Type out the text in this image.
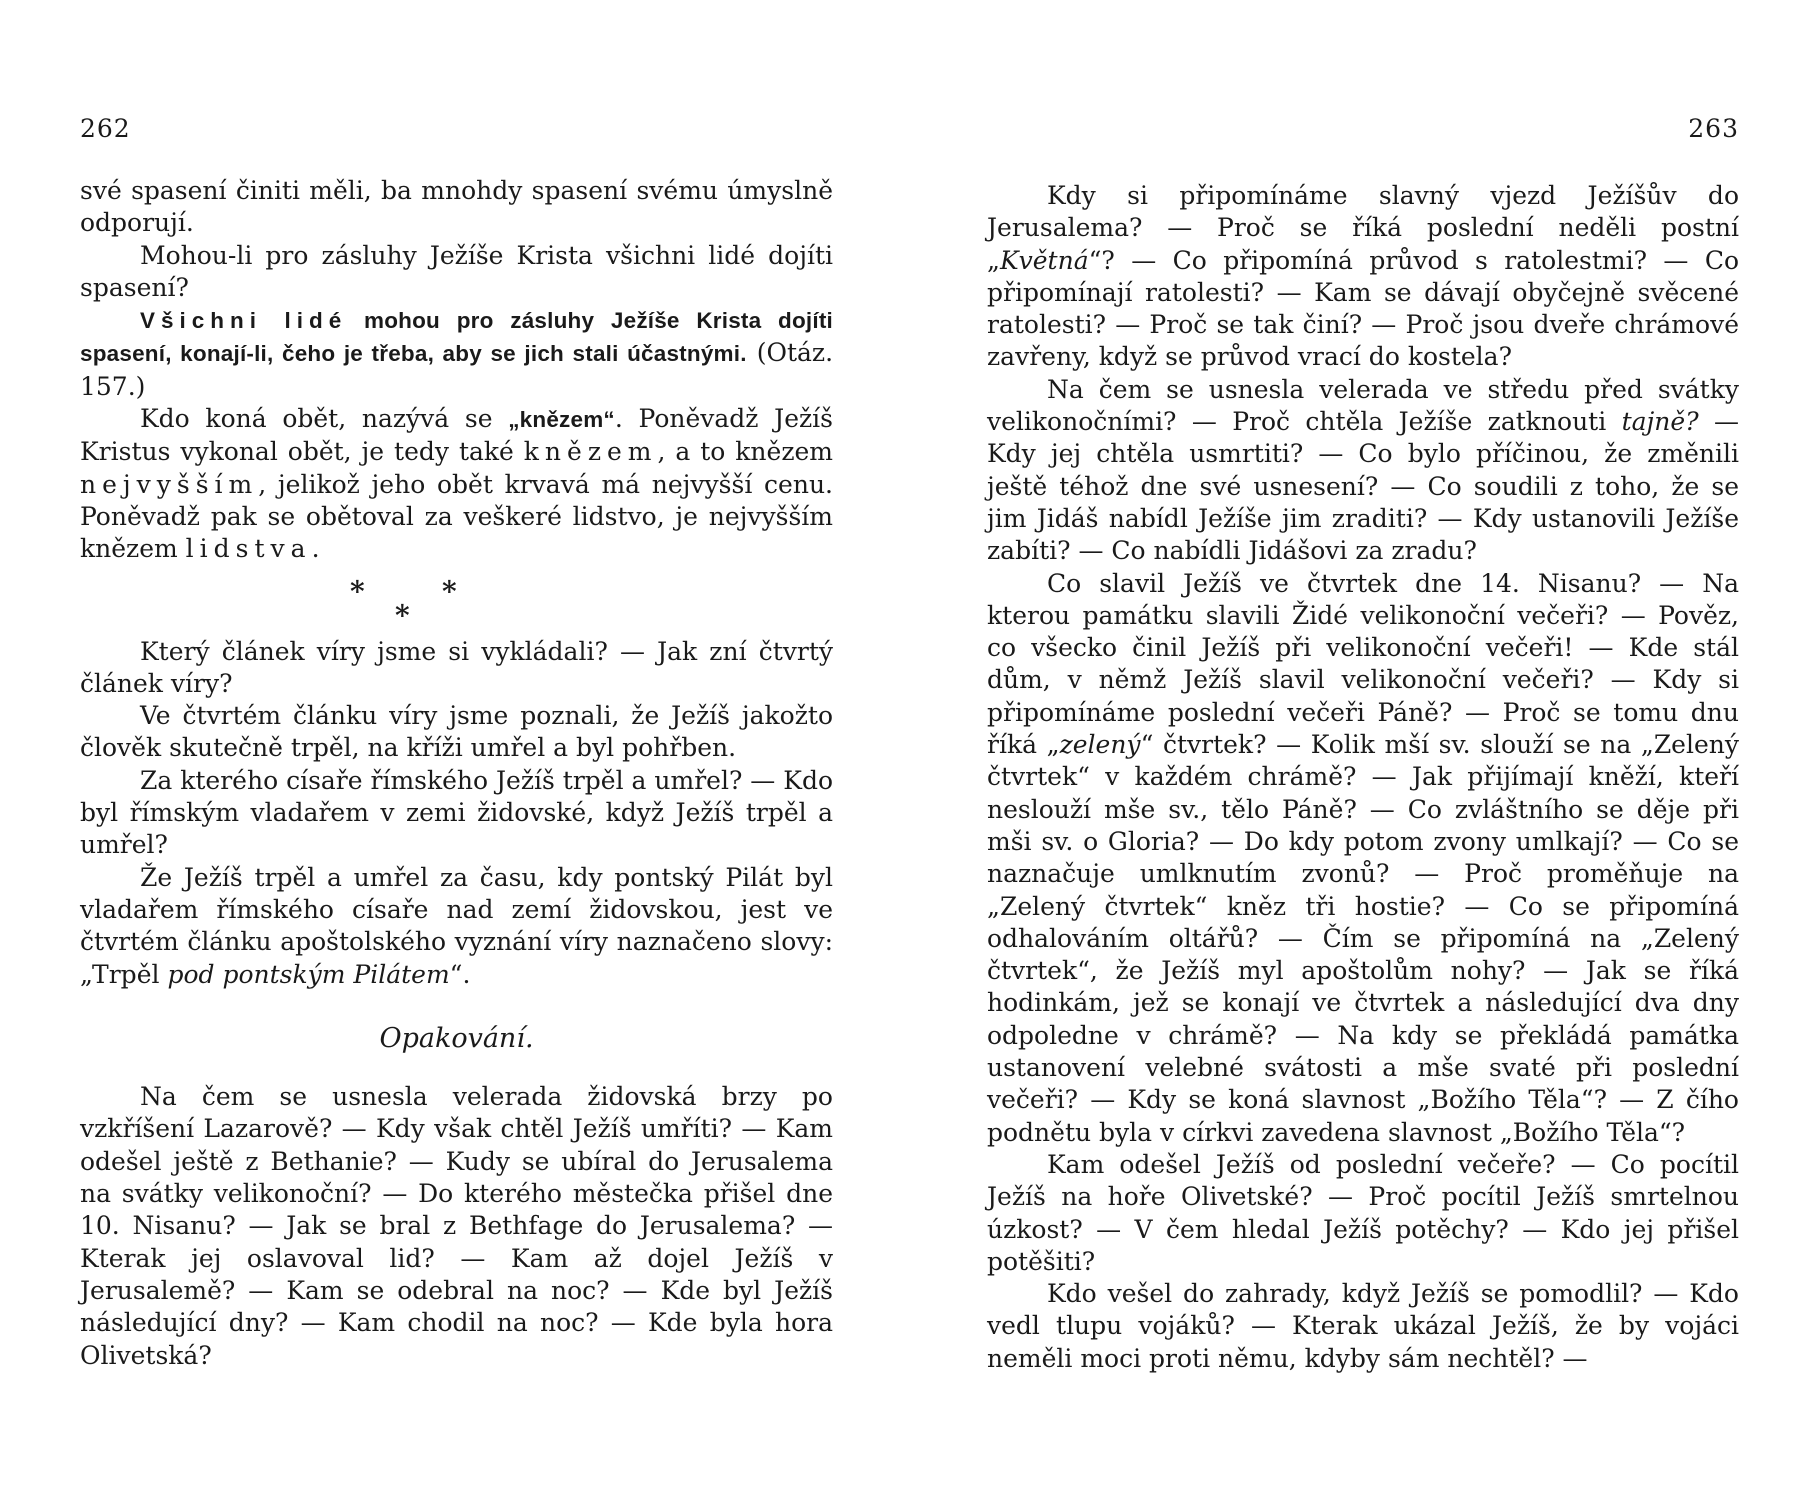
262

své spasení činiti měli, ba mnohdy spasení svému úmyslně odporují.

Mohou-li pro zásluhy Ježíše Krista všichni lidé dojíti spasení?

Všichni lidé mohou pro zásluhy Ježíše Krista dojíti spasení, konají-li, čeho je třeba, aby se jich stali účastnými. (Otáz. 157.)

Kdo koná obět, nazývá se „knězem“. Poněvadž Ježíš Kristus vykonal obět, je tedy také knězem, a to knězem nejvyšším, jelikož jeho obět krvavá má nejvyšší cenu. Poněvadž pak se obětoval za veškeré lidstvo, je nejvyšším knězem lidstva.

*
*
*

Který článek víry jsme si vykládali? — Jak zní čtvrtý článek víry?

Ve čtvrtém článku víry jsme poznali, že Ježíš jakožto člověk skutečně trpěl, na kříži umřel a byl pohřben.

Za kterého císaře římského Ježíš trpěl a umřel? — Kdo byl římským vladařem v zemi židovské, když Ježíš trpěl a umřel?

Že Ježíš trpěl a umřel za času, kdy pontský Pilát byl vladařem římského císaře nad zemí židovskou, jest ve čtvrtém článku apoštolského vyznání víry naznačeno slovy: „Trpěl pod pontským Pilátem“.

Opakování.

Na čem se usnesla velerada židovská brzy po vzkříšení Lazarově? — Kdy však chtěl Ježíš umříti? — Kam odešel ještě z Bethanie? — Kudy se ubíral do Jerusalema na svátky velikonoční? — Do kterého městečka přišel dne 10. Nisanu? — Jak se bral z Bethfage do Jerusalema? — Kterak jej oslavoval lid? — Kam až dojel Ježíš v Jerusalemě? — Kam se odebral na noc? — Kde byl Ježíš následující dny? — Kam chodil na noc? — Kde byla hora Olivetská?

263

Kdy si připomínáme slavný vjezd Ježíšův do Jerusalema? — Proč se říká poslední neděli postní „Květná“? — Co připomíná průvod s ratolestmi? — Co připomínají ratolesti? — Kam se dávají obyčejně svěcené ratolesti? — Proč se tak činí? — Proč jsou dveře chrámové zavřeny, když se průvod vrací do kostela?

Na čem se usnesla velerada ve středu před svátky velikonočními? — Proč chtěla Ježíše zatknouti tajně? — Kdy jej chtěla usmrtiti? — Co bylo příčinou, že změnili ještě téhož dne své usnesení? — Co soudili z toho, že se jim Jidáš nabídl Ježíše jim zraditi? — Kdy ustanovili Ježíše zabíti? — Co nabídli Jidášovi za zradu?

Co slavil Ježíš ve čtvrtek dne 14. Nisanu? — Na kterou památku slavili Židé velikonoční večeři? — Pověz, co všecko činil Ježíš při velikonoční večeři! — Kde stál dům, v němž Ježíš slavil velikonoční večeři? — Kdy si připomínáme poslední večeři Páně? — Proč se tomu dnu říká „zelený“ čtvrtek? — Kolik mší sv. slouží se na „Zelený čtvrtek“ v každém chrámě? — Jak přijímají kněží, kteří neslouží mše sv., tělo Páně? — Co zvláštního se děje při mši sv. o Gloria? — Do kdy potom zvony umlkají? — Co se naznačuje umlknutím zvonů? — Proč proměňuje na „Zelený čtvrtek“ kněz tři hostie? — Co se připomíná odhalováním oltářů? — Čím se připomíná na „Zelený čtvrtek“, že Ježíš myl apoštolům nohy? — Jak se říká hodinkám, jež se konají ve čtvrtek a následující dva dny odpoledne v chrámě? — Na kdy se překládá památka ustanovení velebné svátosti a mše svaté při poslední večeři? — Kdy se koná slavnost „Božího Těla“? — Z čího podnětu byla v církvi zavedena slavnost „Božího Těla“?

Kam odešel Ježíš od poslední večeře? — Co pocítil Ježíš na hoře Olivetské? — Proč pocítil Ježíš smrtelnou úzkost? — V čem hledal Ježíš potěchy? — Kdo jej přišel potěšiti?

Kdo vešel do zahrady, když Ježíš se pomodlil? — Kdo vedl tlupu vojáků? — Kterak ukázal Ježíš, že by vojáci neměli moci proti němu, kdyby sám nechtěl? —
